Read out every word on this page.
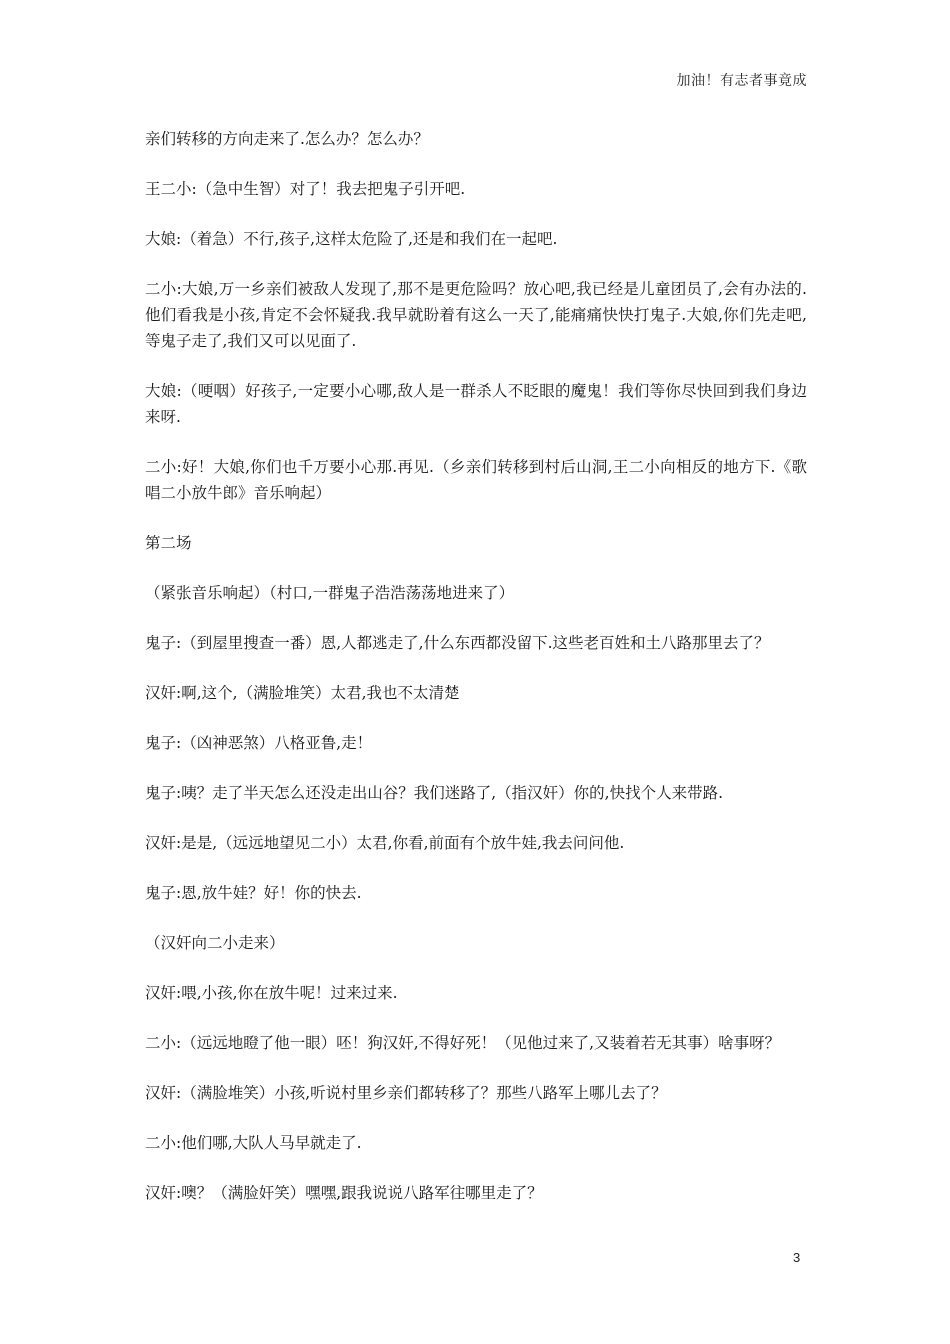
加油！有志者事竟成

亲们转移的方向走来了.怎么办？怎么办？

王二小:（急中生智）对了！我去把鬼子引开吧.

大娘:（着急）不行,孩子,这样太危险了,还是和我们在一起吧.

二小:大娘,万一乡亲们被敌人发现了,那不是更危险吗？放心吧,我已经是儿童团员了,会有办法的.他们看我是小孩,肯定不会怀疑我.我早就盼着有这么一天了,能痛痛快快打鬼子.大娘,你们先走吧,等鬼子走了,我们又可以见面了.

大娘:（哽咽）好孩子,一定要小心哪,敌人是一群杀人不眨眼的魔鬼！我们等你尽快回到我们身边来呀.

二小:好！大娘,你们也千万要小心那.再见.（乡亲们转移到村后山洞,王二小向相反的地方下.《歌唱二小放牛郎》音乐响起）

第二场

（紧张音乐响起）（村口,一群鬼子浩浩荡荡地进来了）

鬼子:（到屋里搜查一番）恩,人都逃走了,什么东西都没留下.这些老百姓和土八路那里去了？

汉奸:啊,这个,（满脸堆笑）太君,我也不太清楚

鬼子:（凶神恶煞）八格亚鲁,走！

鬼子:咦？走了半天怎么还没走出山谷？我们迷路了,（指汉奸）你的,快找个人来带路.

汉奸:是是,（远远地望见二小）太君,你看,前面有个放牛娃,我去问问他.

鬼子:恩,放牛娃？好！你的快去.

（汉奸向二小走来）

汉奸:喂,小孩,你在放牛呢！过来过来.

二小:（远远地瞪了他一眼）呸！狗汉奸,不得好死！（见他过来了,又装着若无其事）啥事呀？

汉奸:（满脸堆笑）小孩,听说村里乡亲们都转移了？那些八路军上哪儿去了？

二小:他们哪,大队人马早就走了.

汉奸:噢？（满脸奸笑）嘿嘿,跟我说说八路军往哪里走了？

3
